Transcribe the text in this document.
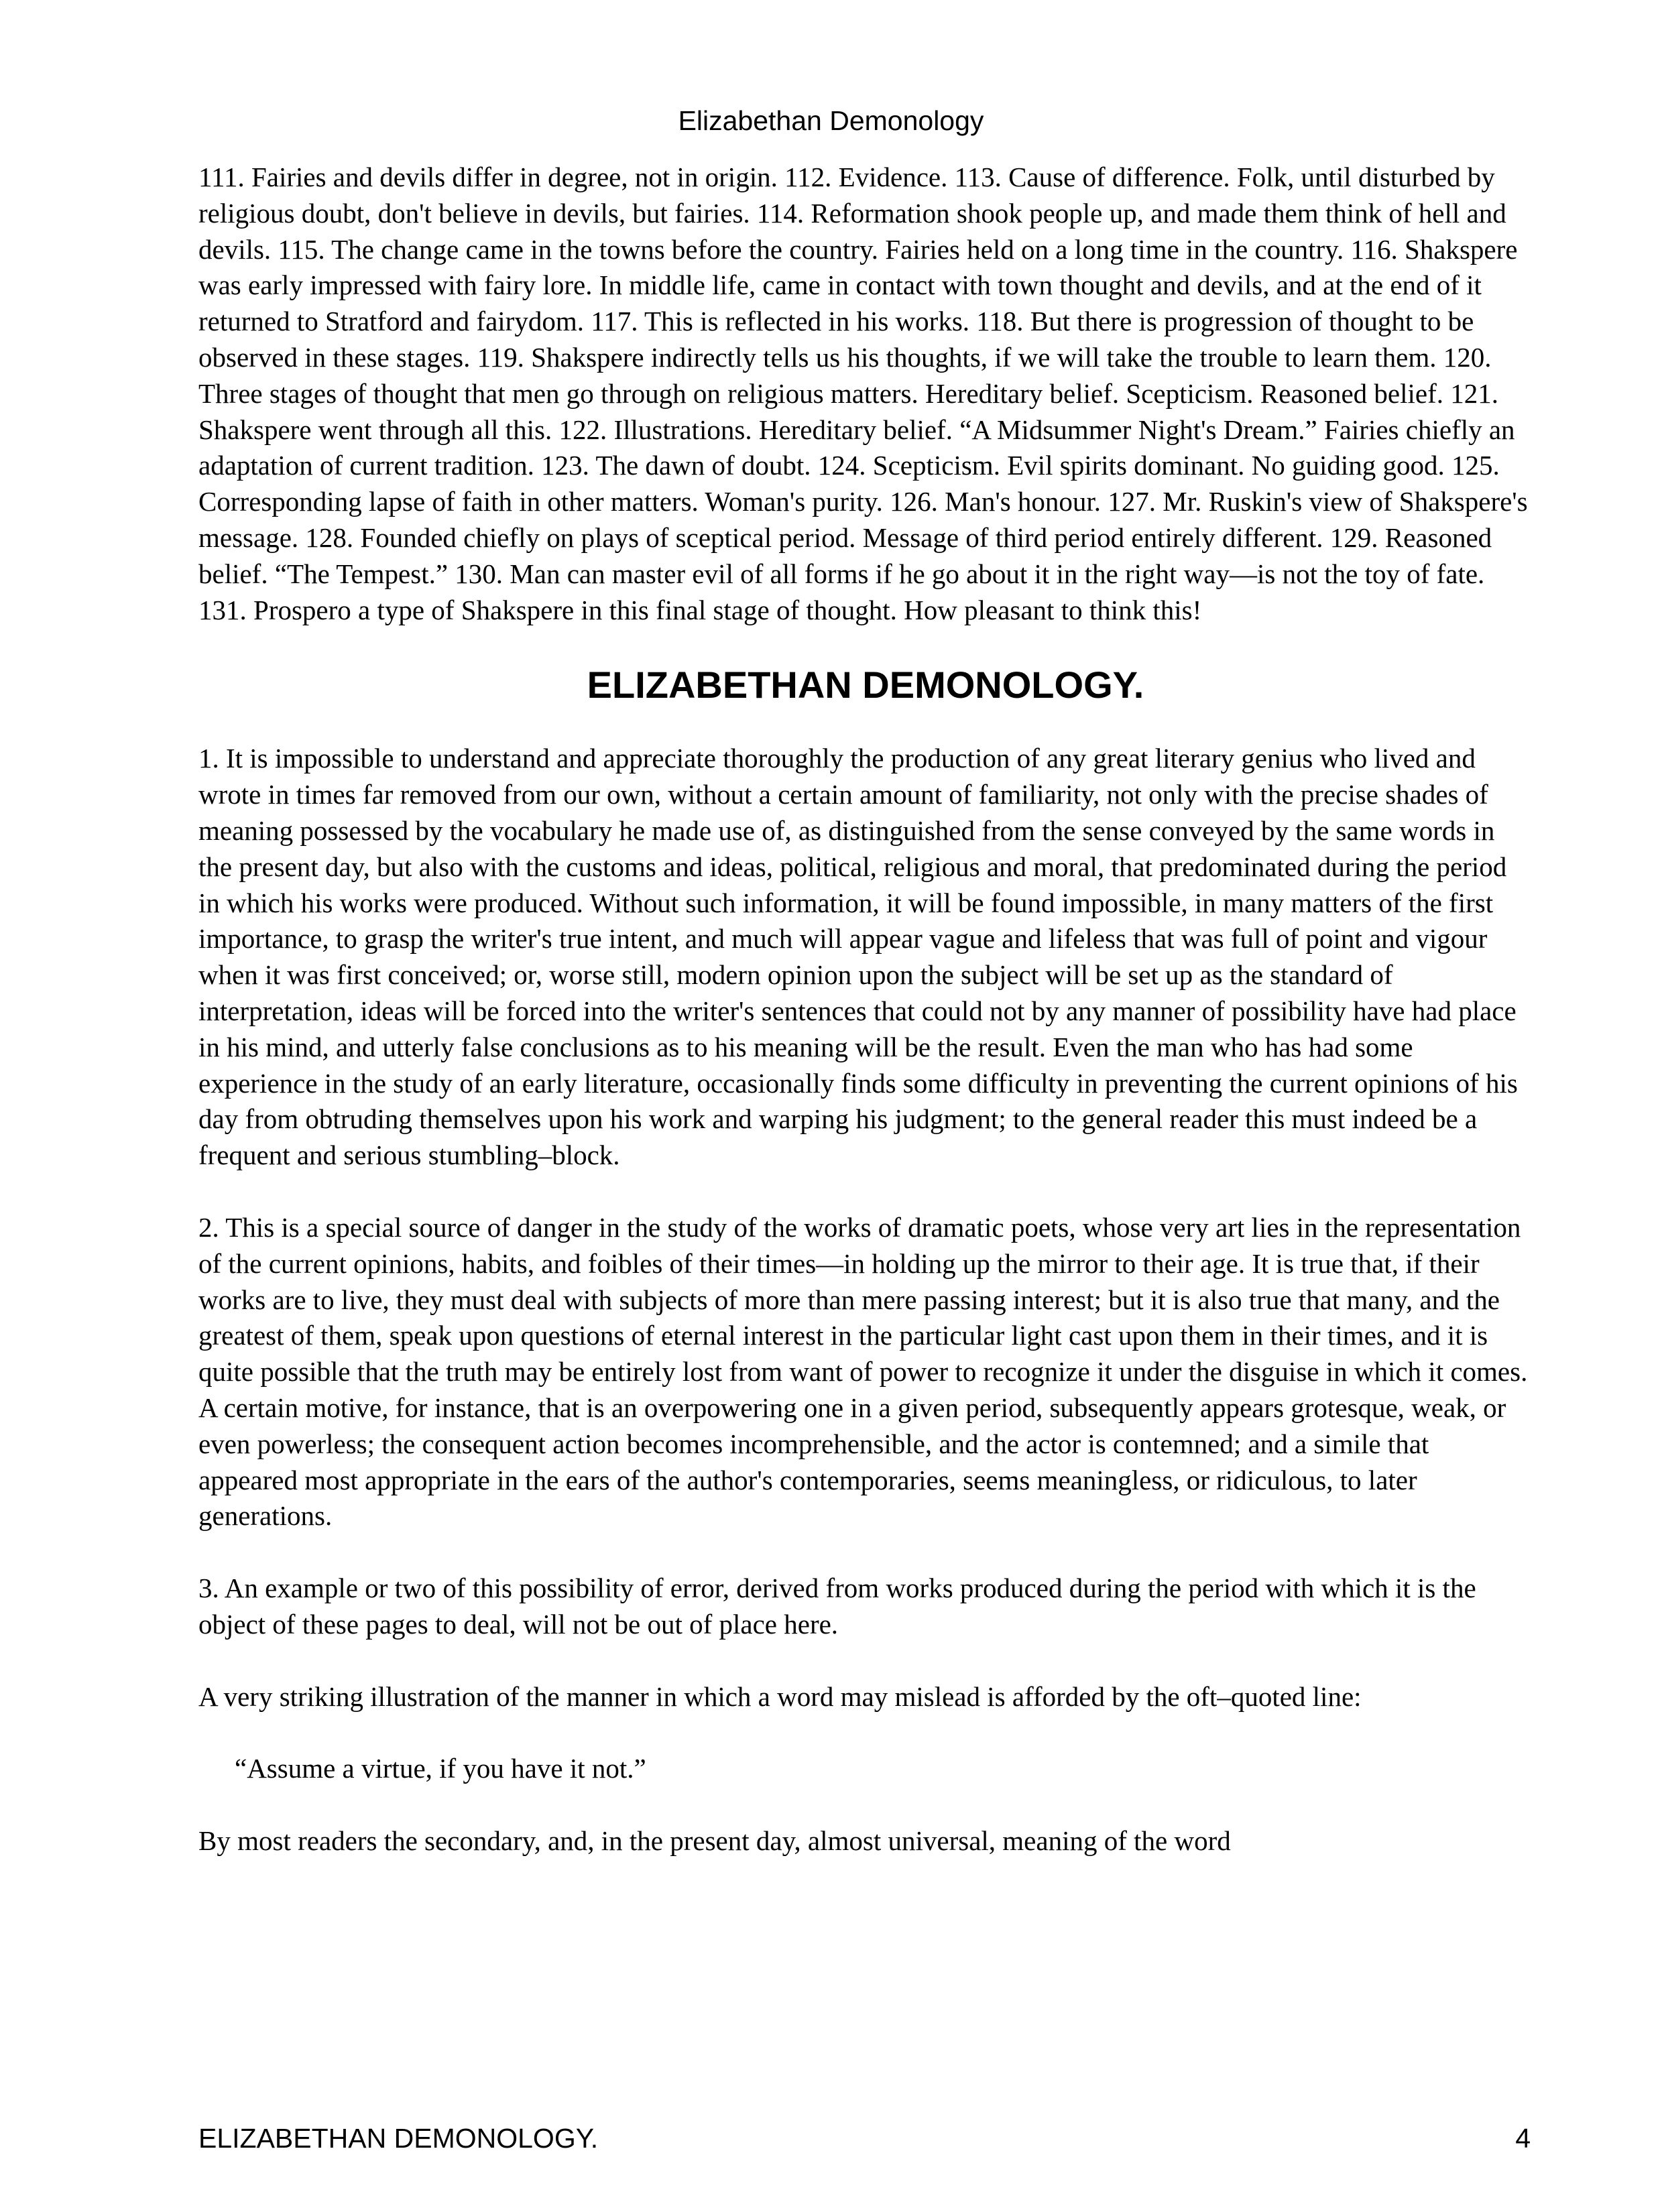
Elizabethan Demonology

111. Fairies and devils differ in degree, not in origin. 112. Evidence. 113. Cause of difference. Folk, until disturbed by religious doubt, don't believe in devils, but fairies. 114. Reformation shook people up, and made them think of hell and devils. 115. The change came in the towns before the country. Fairies held on a long time in the country. 116. Shakspere was early impressed with fairy lore. In middle life, came in contact with town thought and devils, and at the end of it returned to Stratford and fairydom. 117. This is reflected in his works. 118. But there is progression of thought to be observed in these stages. 119. Shakspere indirectly tells us his thoughts, if we will take the trouble to learn them. 120. Three stages of thought that men go through on religious matters. Hereditary belief. Scepticism. Reasoned belief. 121. Shakspere went through all this. 122. Illustrations. Hereditary belief. “A Midsummer Night's Dream.” Fairies chiefly an adaptation of current tradition. 123. The dawn of doubt. 124. Scepticism. Evil spirits dominant. No guiding good. 125. Corresponding lapse of faith in other matters. Woman's purity. 126. Man's honour. 127. Mr. Ruskin's view of Shakspere's message. 128. Founded chiefly on plays of sceptical period. Message of third period entirely different. 129. Reasoned belief. “The Tempest.” 130. Man can master evil of all forms if he go about it in the right way—is not the toy of fate. 131. Prospero a type of Shakspere in this final stage of thought. How pleasant to think this!

ELIZABETHAN DEMONOLOGY.

1. It is impossible to understand and appreciate thoroughly the production of any great literary genius who lived and wrote in times far removed from our own, without a certain amount of familiarity, not only with the precise shades of meaning possessed by the vocabulary he made use of, as distinguished from the sense conveyed by the same words in the present day, but also with the customs and ideas, political, religious and moral, that predominated during the period in which his works were produced. Without such information, it will be found impossible, in many matters of the first importance, to grasp the writer's true intent, and much will appear vague and lifeless that was full of point and vigour when it was first conceived; or, worse still, modern opinion upon the subject will be set up as the standard of interpretation, ideas will be forced into the writer's sentences that could not by any manner of possibility have had place in his mind, and utterly false conclusions as to his meaning will be the result. Even the man who has had some experience in the study of an early literature, occasionally finds some difficulty in preventing the current opinions of his day from obtruding themselves upon his work and warping his judgment; to the general reader this must indeed be a frequent and serious stumbling–block.

2. This is a special source of danger in the study of the works of dramatic poets, whose very art lies in the representation of the current opinions, habits, and foibles of their times—in holding up the mirror to their age. It is true that, if their works are to live, they must deal with subjects of more than mere passing interest; but it is also true that many, and the greatest of them, speak upon questions of eternal interest in the particular light cast upon them in their times, and it is quite possible that the truth may be entirely lost from want of power to recognize it under the disguise in which it comes. A certain motive, for instance, that is an overpowering one in a given period, subsequently appears grotesque, weak, or even powerless; the consequent action becomes incomprehensible, and the actor is contemned; and a simile that appeared most appropriate in the ears of the author's contemporaries, seems meaningless, or ridiculous, to later generations.

3. An example or two of this possibility of error, derived from works produced during the period with which it is the object of these pages to deal, will not be out of place here.

A very striking illustration of the manner in which a word may mislead is afforded by the oft–quoted line:

“Assume a virtue, if you have it not.”

By most readers the secondary, and, in the present day, almost universal, meaning of the word

ELIZABETHAN DEMONOLOGY.	4
